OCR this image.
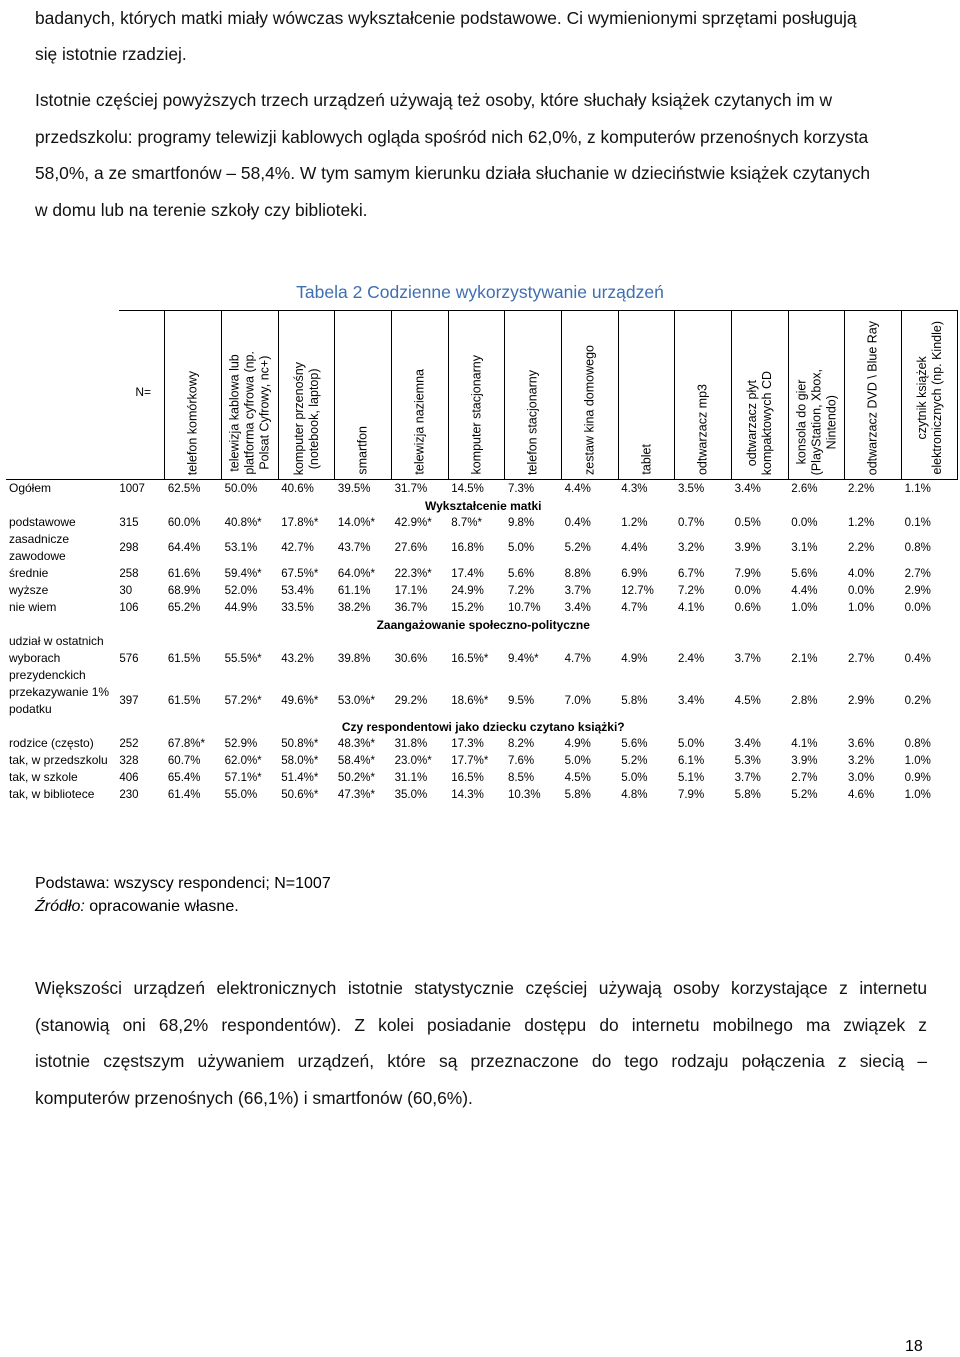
badanych, których matki miały wówczas wykształcenie podstawowe. Ci wymienionymi sprzętami posługują
się istotnie rzadziej.
Istotnie częściej powyższych trzech urządzeń używają też osoby, które słuchały książek czytanych im w
przedszkolu: programy telewizji kablowych ogląda spośród nich 62,0%, z komputerów przenośnych korzysta
58,0%, a ze smartfonów – 58,4%. W tym samym kierunku działa słuchanie w dzieciństwie książek czytanych
w domu lub na terenie szkoły czy biblioteki.
Tabela 2 Codzienne wykorzystywanie urządzeń

	N=	telefon komórkowy	telewizja kablowa lub
platforma cyfrowa (np.
Polsat Cyfrowy, nc+)	komputer przenośny
(notebook, laptop)	smartfon	telewizja naziemna	komputer stacjonarny	telefon stacjonarny	zestaw kina domowego	tablet	odtwarzacz mp3	odtwarzacz płyt
kompaktowych CD	konsola do gier
(PlayStation, Xbox,
Nintendo)	odtwarzacz DVD \ Blue Ray	czytnik książek
elektronicznych (np. Kindle)

Ogółem	1007	62.5%	50.0%	40.6%	39.5%	31.7%	14.5%	7.3%	4.4%	4.3%	3.5%	3.4%	2.6%	2.2%	1.1%
Wykształcenie matki															
podstawowe	315	60.0%	40.8%*	17.8%*	14.0%*	42.9%*	8.7%*	9.8%	0.4%	1.2%	0.7%	0.5%	0.0%	1.2%	0.1%
zasadnicze zawodowe	298	64.4%	53.1%	42.7%	43.7%	27.6%	16.8%	5.0%	5.2%	4.4%	3.2%	3.9%	3.1%	2.2%	0.8%
średnie	258	61.6%	59.4%*	67.5%*	64.0%*	22.3%*	17.4%	5.6%	8.8%	6.9%	6.7%	7.9%	5.6%	4.0%	2.7%
wyższe	30	68.9%	52.0%	53.4%	61.1%	17.1%	24.9%	7.2%	3.7%	12.7%	7.2%	0.0%	4.4%	0.0%	2.9%
nie wiem	106	65.2%	44.9%	33.5%	38.2%	36.7%	15.2%	10.7%	3.4%	4.7%	4.1%	0.6%	1.0%	1.0%	0.0%
Zaangażowanie społeczno-polityczne															
udział w ostatnich wyborach prezydenckich	576	61.5%	55.5%*	43.2%	39.8%	30.6%	16.5%*	9.4%*	4.7%	4.9%	2.4%	3.7%	2.1%	2.7%	0.4%
przekazywanie 1% podatku	397	61.5%	57.2%*	49.6%*	53.0%*	29.2%	18.6%*	9.5%	7.0%	5.8%	3.4%	4.5%	2.8%	2.9%	0.2%
Czy respondentowi jako dziecku czytano książki?															
rodzice (często)	252	67.8%*	52.9%	50.8%*	48.3%*	31.8%	17.3%	8.2%	4.9%	5.6%	5.0%	3.4%	4.1%	3.6%	0.8%
tak, w przedszkolu	328	60.7%	62.0%*	58.0%*	58.4%*	23.0%*	17.7%*	7.6%	5.0%	5.2%	6.1%	5.3%	3.9%	3.2%	1.0%
tak, w szkole	406	65.4%	57.1%*	51.4%*	50.2%*	31.1%	16.5%	8.5%	4.5%	5.0%	5.1%	3.7%	2.7%	3.0%	0.9%
tak, w bibliotece	230	61.4%	55.0%	50.6%*	47.3%*	35.0%	14.3%	10.3%	5.8%	4.8%	7.9%	5.8%	5.2%	4.6%	1.0%
Podstawa: wszyscy respondenci; N=1007
Źródło: opracowanie własne.
Większości urządzeń elektronicznych istotnie statystycznie częściej używają osoby korzystające z internetu
(stanowią oni 68,2% respondentów). Z kolei posiadanie dostępu do internetu mobilnego ma związek z
istotnie częstszym używaniem urządzeń, które są przeznaczone do tego rodzaju połączenia z siecią –
komputerów przenośnych (66,1%) i smartfonów (60,6%).
18
